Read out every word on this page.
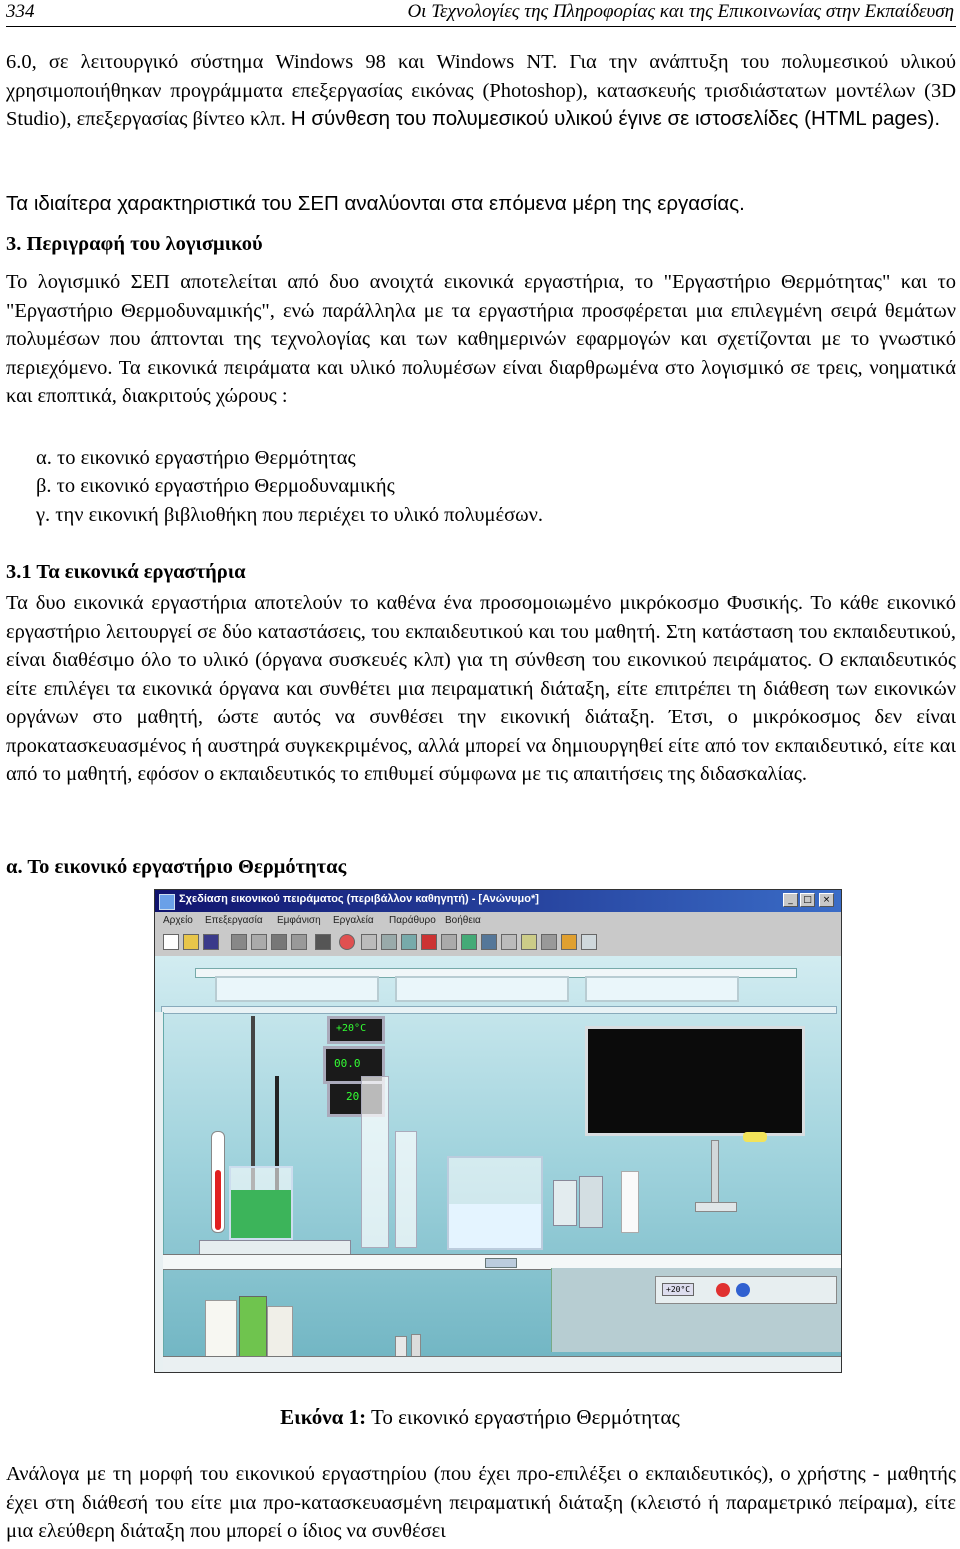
334	Οι Τεχνολογίες της Πληροφορίας και της Επικοινωνίας στην Εκπαίδευση

6.0, σε λειτουργικό σύστημα Windows 98 και Windows NT. Για την ανάπτυξη του πολυμεσικού υλικού χρησιμοποιήθηκαν προγράμματα επεξεργασίας εικόνας (Photoshop), κατασκευής τρισδιάστατων μοντέλων (3D Studio), επεξεργασίας βίντεο κλπ. Η σύνθεση του πολυμεσικού υλικού έγινε σε ιστοσελίδες (HTML pages).

Τα ιδιαίτερα χαρακτηριστικά του ΣΕΠ αναλύονται στα επόμενα μέρη της εργασίας.

3. Περιγραφή του λογισμικού

Το λογισμικό ΣΕΠ αποτελείται από δυο ανοιχτά εικονικά εργαστήρια, το "Εργαστήριο Θερμότητας" και το "Εργαστήριο Θερμοδυναμικής", ενώ παράλληλα με τα εργαστήρια προσφέρεται μια επιλεγμένη σειρά θεμάτων πολυμέσων που άπτονται της τεχνολογίας και των καθημερινών εφαρμογών και σχετίζονται με το γνωστικό περιεχόμενο. Τα εικονικά πειράματα και υλικό πολυμέσων είναι διαρθρωμένα στο λογισμικό σε τρεις, νοηματικά και εποπτικά, διακριτούς χώρους :

α. το εικονικό εργαστήριο Θερμότητας

β. το εικονικό εργαστήριο Θερμοδυναμικής

γ. την εικονική βιβλιοθήκη που περιέχει το υλικό πολυμέσων.

3.1 Τα εικονικά εργαστήρια

Τα δυο εικονικά εργαστήρια αποτελούν το καθένα ένα προσομοιωμένο μικρόκοσμο Φυσικής. Το κάθε εικονικό εργαστήριο λειτουργεί σε δύο καταστάσεις, του εκπαιδευτικού και του μαθητή. Στη κατάσταση του εκπαιδευτικού, είναι διαθέσιμο όλο το υλικό (όργανα συσκευές κλπ) για τη σύνθεση του εικονικού πειράματος. Ο εκπαιδευτικός είτε επιλέγει τα εικονικά όργανα και συνθέτει μια πειραματική διάταξη, είτε επιτρέπει τη διάθεση των εικονικών οργάνων στο μαθητή, ώστε αυτός να συνθέσει την εικονική διάταξη. Έτσι, ο μικρόκοσμος δεν είναι προκατασκευασμένος ή αυστηρά συγκεκριμένος, αλλά μπορεί να δημιουργηθεί είτε από τον εκπαιδευτικό, είτε και από το μαθητή, εφόσον ο εκπαιδευτικός το επιθυμεί σύμφωνα με τις απαιτήσεις της διδασκαλίας.

α. Το εικονικό εργαστήριο Θερμότητας
Σχεδίαση εικονικού πειράματος (περιβάλλον καθηγητή) - [Ανώνυμο*]	_	□	×
Αρχείο Επεξεργασία Εμφάνιση Εργαλεία Παράθυρο Βοήθεια
+20°C
00.0
20
+20°C

Εικόνα 1: Το εικονικό εργαστήριο Θερμότητας

Ανάλογα με τη μορφή του εικονικού εργαστηρίου (που έχει προ-επιλέξει ο εκπαιδευτικός), ο χρήστης - μαθητής έχει στη διάθεσή του είτε μια προ-κατασκευασμένη πειραματική διάταξη (κλειστό ή παραμετρικό πείραμα), είτε μια ελεύθερη διάταξη που μπορεί ο ίδιος να συνθέσει
